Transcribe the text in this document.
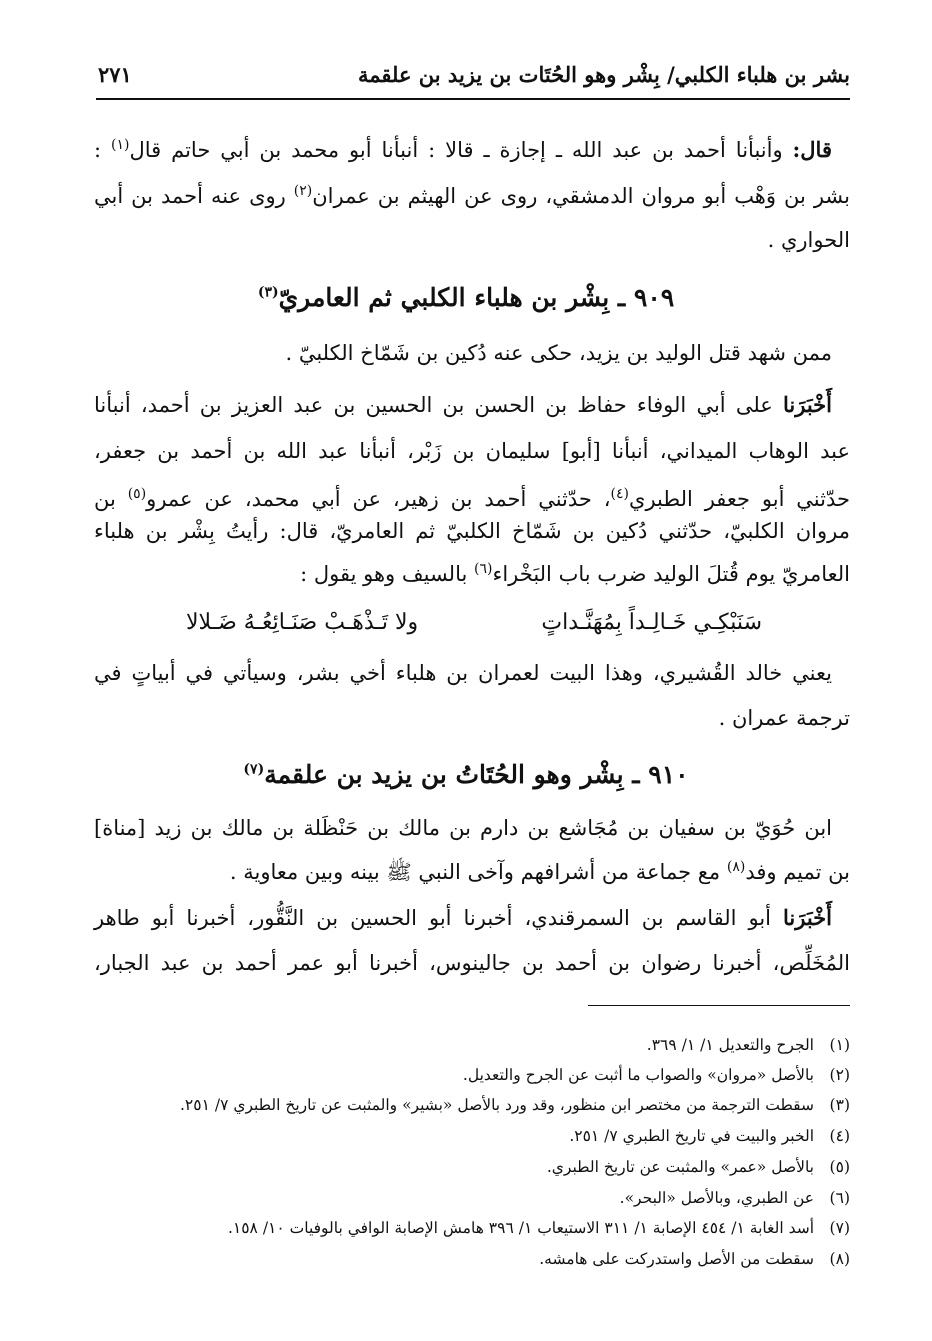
بشر بن هلباء الكلبي/ بِشْر وهو الحُتَات بن يزيد بن علقمة
٢٧١
قال: وأنبأنا أحمد بن عبد الله ـ إجازة ـ قالا : أنبأنا أبو محمد بن أبي حاتم قال$^{(١)}$ :
بشر بن وَهْب أبو مروان الدمشقي، روى عن الهيثم بن عمران$^{(٢)}$ روى عنه أحمد بن أبي
الحواري .
٩٠٩ ـ بِشْر بن هلباء الكلبي ثم العامريّ$^{(٣)}$
ممن شهد قتل الوليد بن يزيد، حكى عنه دُكين بن شَمّاخ الكلبيّ .
أَخْبَرَنا على أبي الوفاء حفاظ بن الحسن بن الحسين بن عبد العزيز بن أحمد، أنبأنا
عبد الوهاب الميداني، أنبأنا [أبو] سليمان بن زَبْر، أنبأنا عبد الله بن أحمد بن جعفر،
حدّثني أبو جعفر الطبري$^{(٤)}$، حدّثني أحمد بن زهير، عن أبي محمد، عن عمرو$^{(٥)}$ بن
مروان الكلبيّ، حدّثني دُكين بن شَمّاخ الكلبيّ ثم العامريّ، قال: رأيتُ بِشْر بن هلباء
العامريّ يوم قُتلَ الوليد ضرب باب البَخْراء$^{(٦)}$ بالسيف وهو يقول :
سَنَبْكِـي خَـالِـداً بِمُهَنَّـداتٍ
ولا تَـذْهَـبْ صَنَـائِعُـهُ ضَـلالا
يعني خالد القُشيري، وهذا البيت لعمران بن هلباء أخي بشر، وسيأتي في أبياتٍ في
ترجمة عمران .
٩١٠ ـ بِشْر وهو الحُتَاتُ بن يزيد بن علقمة$^{(٧)}$
ابن حُوَيّ بن سفيان بن مُجَاشع بن دارم بن مالك بن حَنْظَلة بن مالك بن زيد [مناة]
بن تميم وفد$^{(٨)}$ مع جماعة من أشرافهم وآخى النبي ﷺ بينه وبين معاوية .
أَخْبَرَنا أبو القاسم بن السمرقندي، أخبرنا أبو الحسين بن النَّقُّور، أخبرنا أبو طاهر
المُخَلِّص، أخبرنا رضوان بن أحمد بن جالينوس، أخبرنا أبو عمر أحمد بن عبد الجبار،
(١)الجرح والتعديل ١/ ١/ ٣٦٩.
(٢)بالأصل «مروان» والصواب ما أثبت عن الجرح والتعديل.
(٣)سقطت الترجمة من مختصر ابن منظور، وقد ورد بالأصل «بشير» والمثبت عن تاريخ الطبري ٧/ ٢٥١.
(٤)الخبر والبيت في تاريخ الطبري ٧/ ٢٥١.
(٥)بالأصل «عمر» والمثبت عن تاريخ الطبري.
(٦)عن الطبري، وبالأصل «البحر».
(٧)أسد الغابة ١/ ٤٥٤ الإصابة ١/ ٣١١ الاستيعاب ١/ ٣٩٦ هامش الإصابة الوافي بالوفيات ١٠/ ١٥٨.
(٨)سقطت من الأصل واستدركت على هامشه.
